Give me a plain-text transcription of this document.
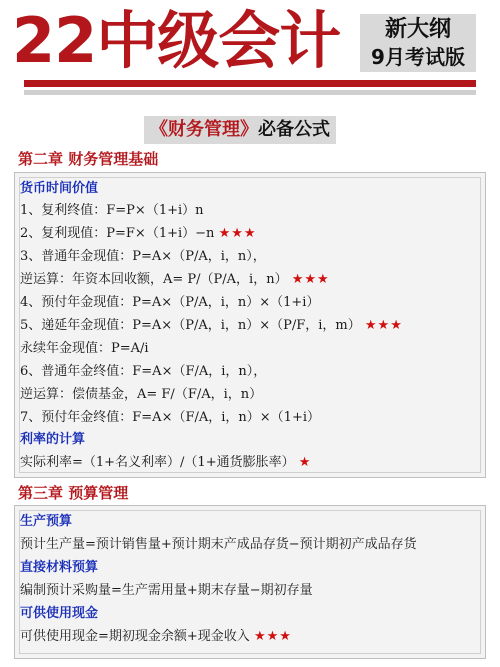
22中级会计	新大纲
9月考试版
《财务管理》必备公式
第二章 财务管理基础
货币时间价值
1、复利终值：F=P×（1+i）n
2、复利现值：P=F×（1+i）−n ★★★
3、普通年金现值：P=A×（P/A，i，n），
逆运算：年资本回收额，A= P/（P/A，i，n） ★★★
4、预付年金现值：P=A×（P/A，i，n）×（1+i）
5、递延年金现值：P=A×（P/A，i，n）×（P/F，i，m） ★★★
永续年金现值：P=A/i
6、普通年金终值：F=A×（F/A，i，n），
逆运算：偿债基金，A= F/（F/A，i，n）
7、预付年金终值：F=A×（F/A，i，n）×（1+i）
利率的计算
实际利率=（1+名义利率）/（1+通货膨胀率） ★
第三章 预算管理
生产预算
预计生产量=预计销售量+预计期末产成品存货−预计期初产成品存货
直接材料预算
编制预计采购量=生产需用量+期末存量−期初存量
可供使用现金
可供使用现金=期初现金余额+现金收入 ★★★
